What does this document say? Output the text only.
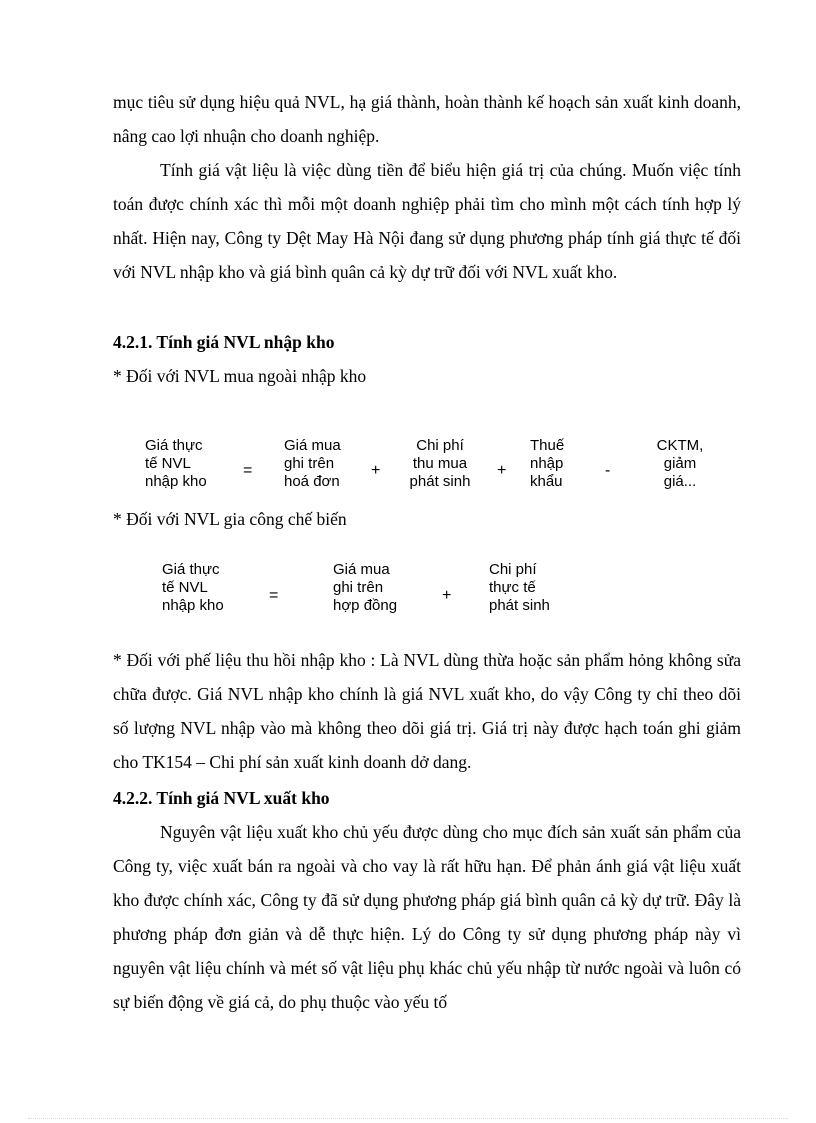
mục tiêu sử dụng hiệu quả NVL, hạ giá thành, hoàn thành kế hoạch sản xuất kinh doanh, nâng cao lợi nhuận cho doanh nghiệp.

Tính giá vật liệu là việc dùng tiền để biểu hiện giá trị của chúng. Muốn việc tính toán được chính xác thì mỗi một doanh nghiệp phải tìm cho mình một cách tính hợp lý nhất. Hiện nay, Công ty Dệt May Hà Nội đang sử dụng phương pháp tính giá thực tế đối với NVL nhập kho và giá bình quân cả kỳ dự trữ đối với NVL xuất kho.

4.2.1. Tính giá NVL nhập kho

* Đối với NVL mua ngoài nhập kho

Giá thực
tế NVL
nhập kho

=

Giá mua
ghi trên
hoá đơn

+

Chi phí
thu mua
phát sinh

+

Thuế
nhập
khẩu

-

CKTM,
giảm
giá...

* Đối với NVL gia công chế biến

Giá thực
tế NVL
nhập kho

=

Giá mua
ghi trên
hợp đồng

+

Chi phí
thực tế
phát sinh

* Đối với phế liệu thu hồi nhập kho : Là NVL dùng thừa hoặc sản phẩm hỏng không sửa chữa được. Giá NVL nhập kho chính là giá NVL xuất kho, do vậy Công ty chỉ theo dõi số lượng NVL nhập vào mà không theo dõi giá trị. Giá trị này được hạch toán ghi giảm cho TK154 – Chi phí sản xuất kinh doanh dở dang.

4.2.2. Tính giá NVL xuất kho

Nguyên vật liệu xuất kho chủ yếu được dùng cho mục đích sản xuất sản phẩm của Công ty, việc xuất bán ra ngoài và cho vay là rất hữu hạn. Để phản ánh giá vật liệu xuất kho được chính xác, Công ty đã sử dụng phương pháp giá bình quân cả kỳ dự trữ. Đây là phương pháp đơn giản và dễ thực hiện. Lý do Công ty sử dụng phương pháp này vì nguyên vật liệu chính và mét số vật liệu phụ khác chủ yếu nhập từ nước ngoài và luôn có sự biến động về giá cả, do phụ thuộc vào yếu tố
